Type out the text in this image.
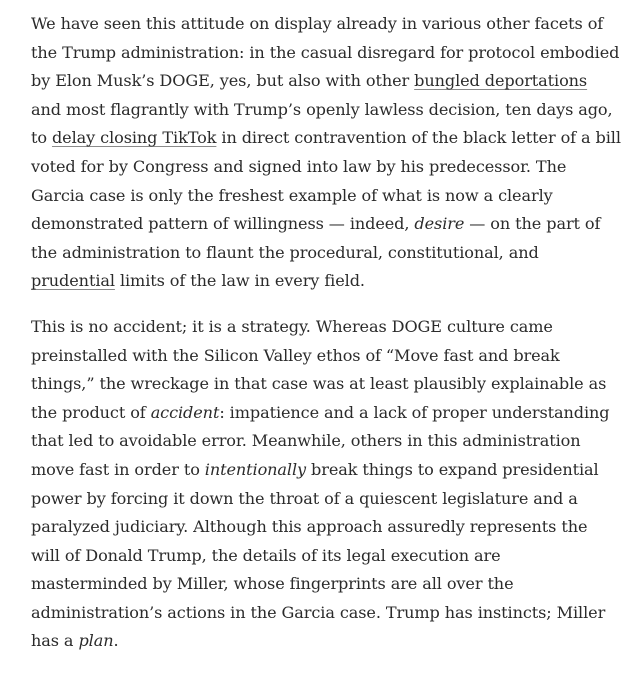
We have seen this attitude on display already in various other facets of the Trump administration: in the casual disregard for protocol embodied by Elon Musk’s DOGE, yes, but also with other bungled deportations and most flagrantly with Trump’s openly lawless decision, ten days ago, to delay closing TikTok in direct contravention of the black letter of a bill voted for by Congress and signed into law by his predecessor. The Garcia case is only the freshest example of what is now a clearly demonstrated pattern of willingness — indeed, desire — on the part of the administration to flaunt the procedural, constitutional, and prudential limits of the law in every field.

This is no accident; it is a strategy. Whereas DOGE culture came preinstalled with the Silicon Valley ethos of “Move fast and break things,” the wreckage in that case was at least plausibly explainable as the product of accident: impatience and a lack of proper understanding that led to avoidable error. Meanwhile, others in this administration move fast in order to intentionally break things to expand presidential power by forcing it down the throat of a quiescent legislature and a paralyzed judiciary. Although this approach assuredly represents the will of Donald Trump, the details of its legal execution are masterminded by Miller, whose fingerprints are all over the administration’s actions in the Garcia case. Trump has instincts; Miller has a plan.
